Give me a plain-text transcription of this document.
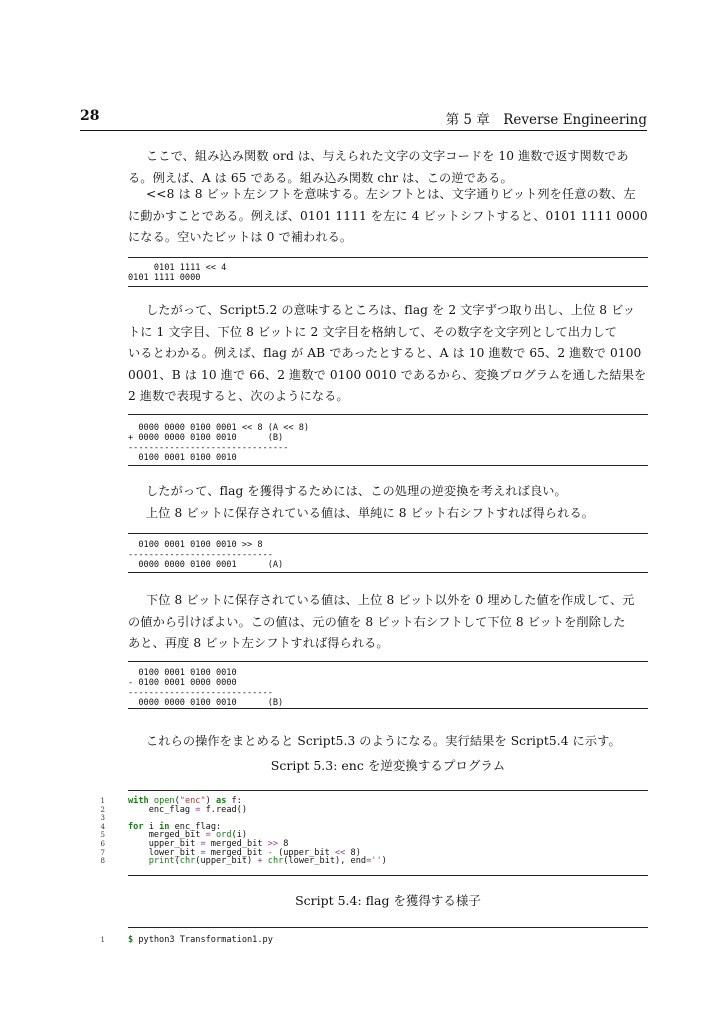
28	第 5 章　Reverse Engineering
ここで、組み込み関数 ord は、与えられた文字の文字コードを 10 進数で返す関数であ
る。例えば、A は 65 である。組み込み関数 chr は、この逆である。
<<8 は 8 ビット左シフトを意味する。左シフトとは、文字通りビット列を任意の数、左
に動かすことである。例えば、0101 1111 を左に 4 ビットシフトすると、0101 1111 0000
になる。空いたビットは 0 で補われる。
0101 1111 << 4
0101 1111 0000
したがって、Script5.2 の意味するところは、flag を 2 文字ずつ取り出し、上位 8 ビッ
トに 1 文字目、下位 8 ビットに 2 文字目を格納して、その数字を文字列として出力して
いるとわかる。例えば、flag が AB であったとすると、A は 10 進数で 65、2 進数で 0100
0001、B は 10 進で 66、2 進数で 0100 0010 であるから、変換プログラムを通した結果を
2 進数で表現すると、次のようになる。
0000 0000 0100 0001 << 8 (A << 8)
+ 0000 0000 0100 0010      (B)
-------------------------------
0100 0001 0100 0010
したがって、flag を獲得するためには、この処理の逆変換を考えれば良い。
上位 8 ビットに保存されている値は、単純に 8 ビット右シフトすれば得られる。
0100 0001 0100 0010 >> 8
----------------------------
0000 0000 0100 0001      (A)
下位 8 ビットに保存されている値は、上位 8 ビット以外を 0 埋めした値を作成して、元
の値から引けばよい。この値は、元の値を 8 ビット右シフトして下位 8 ビットを削除した
あと、再度 8 ビット左シフトすれば得られる。
0100 0001 0100 0010
- 0100 0001 0000 0000
----------------------------
0000 0000 0100 0010      (B)
これらの操作をまとめると Script5.3 のようになる。実行結果を Script5.4 に示す。
Script 5.3: enc を逆変換するプログラム
1	with open("enc") as f:
2	enc_flag = f.read()
3
4	for i in enc_flag:
5	merged_bit = ord(i)
6	upper_bit = merged_bit >> 8
7	lower_bit = merged_bit - (upper_bit << 8)
8	print(chr(upper_bit) + chr(lower_bit), end='')
Script 5.4: flag を獲得する様子
1	$ python3 Transformation1.py
